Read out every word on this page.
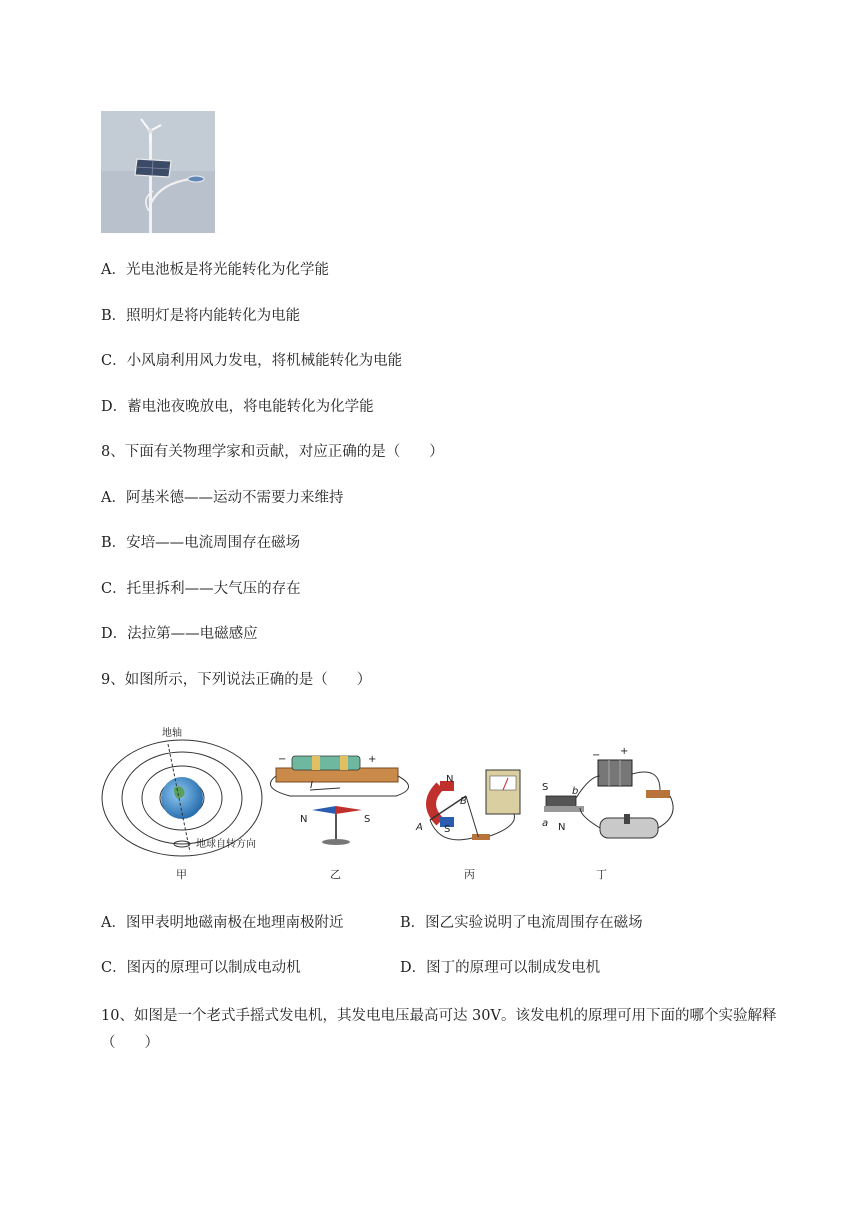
A．光电池板是将光能转化为化学能
B．照明灯是将内能转化为电能
C．小风扇利用风力发电，将机械能转化为电能
D．蓄电池夜晚放电，将电能转化为化学能
8、下面有关物理学家和贡献，对应正确的是（　　）
A．阿基米德——运动不需要力来维持
B．安培——电流周围存在磁场
C．托里拆利——大气压的存在
D．法拉第——电磁感应
9、如图所示，下列说法正确的是（　　）
地轴
地球自转方向
−	+
I
N	S
N
S
B
A
S
N
b
a
− +
甲	乙	丙	丁
A．图甲表明地磁南极在地理南极附近	B．图乙实验说明了电流周围存在磁场
C．图丙的原理可以制成电动机	D．图丁的原理可以制成发电机
10、如图是一个老式手摇式发电机，其发电电压最高可达 30V。该发电机的原理可用下面的哪个实验解释（　　）
